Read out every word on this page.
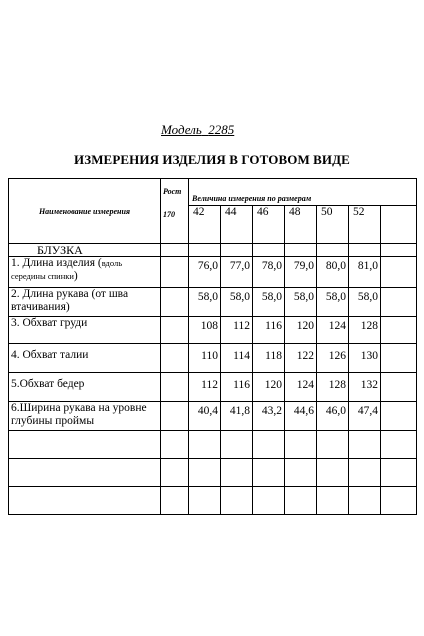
Модель 2285
ИЗМЕРЕНИЯ ИЗДЕЛИЯ В ГОТОВОМ ВИДЕ
Наименование измерения	Рост	Величина измерения по размерам						
	170	42	44	46	48	50	52	
БЛУЗКА								
1. Длина изделия (вдоль середины спинки)		76,0	77,0	78,0	79,0	80,0	81,0	
2. Длина рукава (от шва втачивания)		58,0	58,0	58,0	58,0	58,0	58,0	
3. Обхват груди		108	112	116	120	124	128	
4. Обхват талии		110	114	118	122	126	130	
5.Обхват бедер		112	116	120	124	128	132	
6.Ширина рукава на уровне глубины проймы		40,4	41,8	43,2	44,6	46,0	47,4	
